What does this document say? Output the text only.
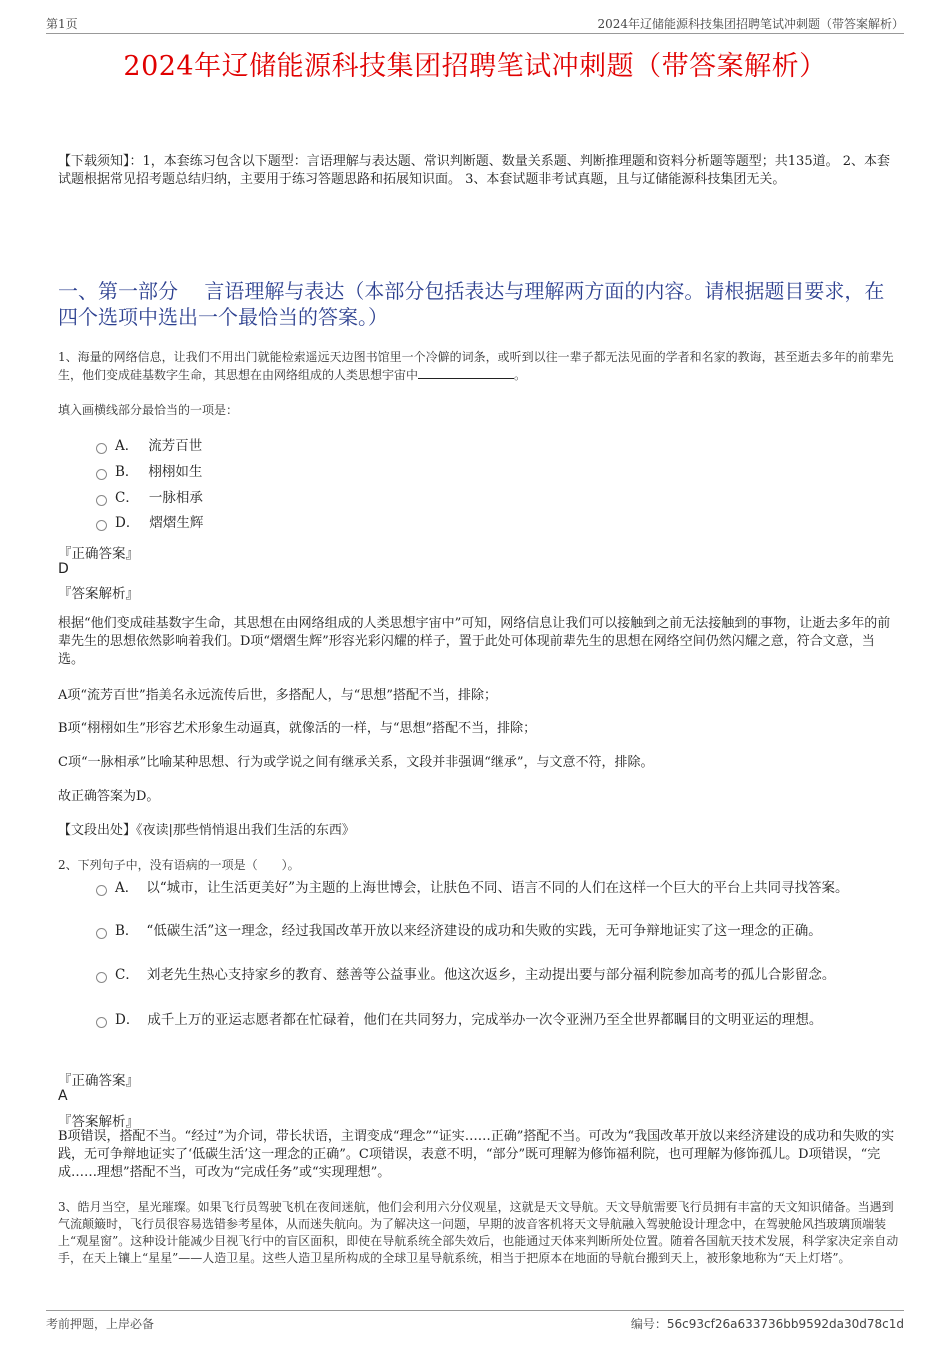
第1页	2024年辽储能源科技集团招聘笔试冲刺题（带答案解析）
2024年辽储能源科技集团招聘笔试冲刺题（带答案解析）
【下载须知】：1，本套练习包含以下题型：言语理解与表达题、常识判断题、数量关系题、判断推理题和资料分析题等题型；共135道。 2、本套试题根据常见招考题总结归纳，主要用于练习答题思路和拓展知识面。 3、本套试题非考试真题，且与辽储能源科技集团无关。
一、第一部分　 言语理解与表达（本部分包括表达与理解两方面的内容。请根据题目要求，在四个选项中选出一个最恰当的答案。）
1、海量的网络信息，让我们不用出门就能检索遥远天边图书馆里一个冷僻的词条，或听到以往一辈子都无法见面的学者和名家的教诲，甚至逝去多年的前辈先生，他们变成硅基数字生命，其思想在由网络组成的人类思想宇宙中	。
填入画横线部分最恰当的一项是：
A． 流芳百世
B． 栩栩如生
C． 一脉相承
D． 熠熠生辉
『正确答案』
D
『答案解析』
根据“他们变成硅基数字生命，其思想在由网络组成的人类思想宇宙中”可知，网络信息让我们可以接触到之前无法接触到的事物，让逝去多年的前辈先生的思想依然影响着我们。D项“熠熠生辉”形容光彩闪耀的样子，置于此处可体现前辈先生的思想在网络空间仍然闪耀之意，符合文意，当选。
A项“流芳百世”指美名永远流传后世，多搭配人，与“思想”搭配不当，排除；
B项“栩栩如生”形容艺术形象生动逼真，就像活的一样，与“思想”搭配不当，排除；
C项“一脉相承”比喻某种思想、行为或学说之间有继承关系，文段并非强调“继承”，与文意不符，排除。
故正确答案为D。
【文段出处】《夜读|那些悄悄退出我们生活的东西》
2、下列句子中，没有语病的一项是（　　）。
A． 以“城市，让生活更美好”为主题的上海世博会，让肤色不同、语言不同的人们在这样一个巨大的平台上共同寻找答案。
B． “低碳生活”这一理念，经过我国改革开放以来经济建设的成功和失败的实践，无可争辩地证实了这一理念的正确。
C． 刘老先生热心支持家乡的教育、慈善等公益事业。他这次返乡，主动提出要与部分福利院参加高考的孤儿合影留念。
D． 成千上万的亚运志愿者都在忙碌着，他们在共同努力，完成举办一次令亚洲乃至全世界都瞩目的文明亚运的理想。
『正确答案』
A
『答案解析』
B项错误，搭配不当。“经过”为介词，带长状语，主谓变成“理念”“证实……正确”搭配不当。可改为“我国改革开放以来经济建设的成功和失败的实践，无可争辩地证实了‘低碳生活’这一理念的正确”。C项错误，表意不明，“部分”既可理解为修饰福利院，也可理解为修饰孤儿。D项错误，“完成……理想”搭配不当，可改为“完成任务”或“实现理想”。
3、皓月当空，星光璀璨。如果飞行员驾驶飞机在夜间迷航，他们会利用六分仪观星，这就是天文导航。天文导航需要飞行员拥有丰富的天文知识储备。当遇到气流颠簸时，飞行员很容易选错参考星体，从而迷失航向。为了解决这一问题，早期的波音客机将天文导航融入驾驶舱设计理念中，在驾驶舱风挡玻璃顶端装上“观星窗”。这种设计能减少目视飞行中的盲区面积，即使在导航系统全部失效后，也能通过天体来判断所处位置。随着各国航天技术发展，科学家决定亲自动手，在天上镶上“星星”——人造卫星。这些人造卫星所构成的全球卫星导航系统，相当于把原本在地面的导航台搬到天上，被形象地称为“天上灯塔”。
考前押题，上岸必备	编号：56c93cf26a633736bb9592da30d78c1d
